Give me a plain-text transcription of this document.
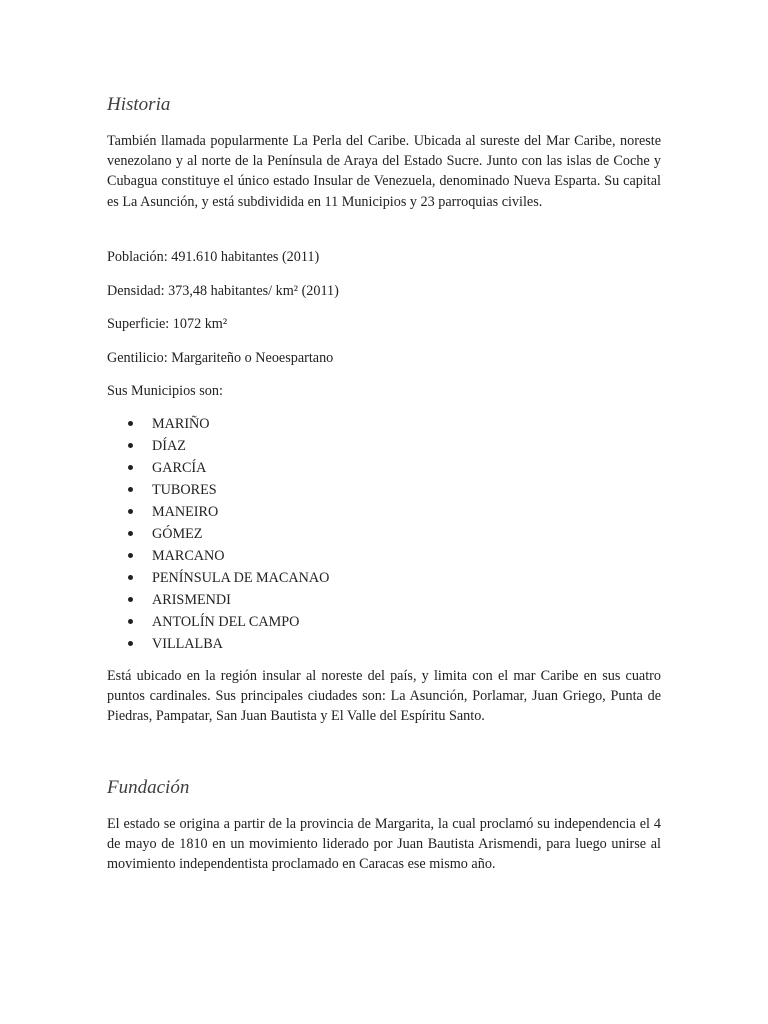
Historia

También llamada popularmente La Perla del Caribe. Ubicada al sureste del Mar Caribe, noreste venezolano y al norte de la Península de Araya del Estado Sucre. Junto con las islas de Coche y Cubagua constituye el único estado Insular de Venezuela, denominado Nueva Esparta. Su capital es La Asunción, y está subdividida en 11 Municipios y 23 parroquias civiles.

Población: 491.610 habitantes (2011)

Densidad: 373,48 habitantes/ km² (2011)

Superficie: 1072 km²

Gentilicio: Margariteño o Neoespartano

Sus Municipios son:

MARIÑO
DÍAZ
GARCÍA
TUBORES
MANEIRO
GÓMEZ
MARCANO
PENÍNSULA DE MACANAO
ARISMENDI
ANTOLÍN DEL CAMPO
VILLALBA

Está ubicado en la región insular al noreste del país, y limita con el mar Caribe en sus cuatro puntos cardinales. Sus principales ciudades son: La Asunción, Porlamar, Juan Griego, Punta de Piedras, Pampatar, San Juan Bautista y El Valle del Espíritu Santo.

Fundación

El estado se origina a partir de la provincia de Margarita, la cual proclamó su independencia el 4 de mayo de 1810 en un movimiento liderado por Juan Bautista Arismendi, para luego unirse al movimiento independentista proclamado en Caracas ese mismo año.
